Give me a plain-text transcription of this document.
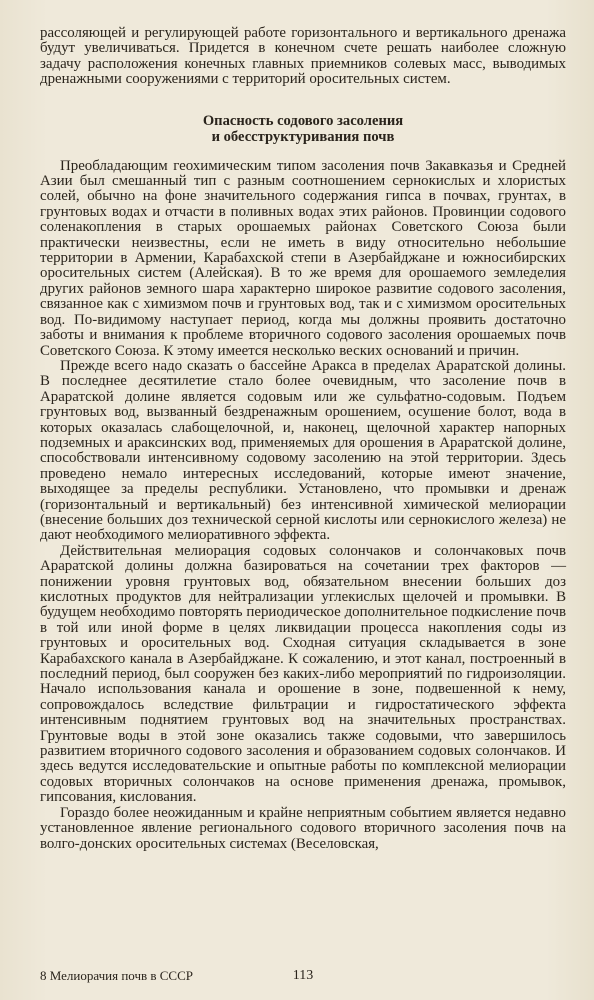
рассоляющей и регулирующей работе горизонтального и вертикального дренажа будут увеличиваться. Придется в конечном счете решать наиболее сложную задачу расположения конечных главных приемников солевых масс, выводимых дренажными сооружениями с территорий оросительных систем.

Опасность содового засоления
и обесструктуривания почв

Преобладающим геохимическим типом засоления почв Закавказья и Средней Азии был смешанный тип с разным соотношением сернокислых и хлористых солей, обычно на фоне значительного содержания гипса в почвах, грунтах, в грунтовых водах и отчасти в поливных водах этих районов. Провинции содового соленакопления в старых орошаемых районах Советского Союза были практически неизвестны, если не иметь в виду относительно небольшие территории в Армении, Карабахской степи в Азербайджане и южносибирских оросительных систем (Алейская). В то же время для орошаемого земледелия других районов земного шара характерно широкое развитие содового засоления, связанное как с химизмом почв и грунтовых вод, так и с химизмом оросительных вод. По-видимому наступает период, когда мы должны проявить достаточно заботы и внимания к проблеме вторичного содового засоления орошаемых почв Советского Союза. К этому имеется несколько веских оснований и причин.

Прежде всего надо сказать о бассейне Аракса в пределах Араратской долины. В последнее десятилетие стало более очевидным, что засоление почв в Араратской долине является содовым или же сульфатно-содовым. Подъем грунтовых вод, вызванный бездренажным орошением, осушение болот, вода в которых оказалась слабощелочной, и, наконец, щелочной характер напорных подземных и араксинских вод, применяемых для орошения в Араратской долине, способствовали интенсивному содовому засолению на этой территории. Здесь проведено немало интересных исследований, которые имеют значение, выходящее за пределы республики. Установлено, что промывки и дренаж (горизонтальный и вертикальный) без интенсивной химической мелиорации (внесение больших доз технической серной кислоты или сернокислого железа) не дают необходимого мелиоративного эффекта.

Действительная мелиорация содовых солончаков и солончаковых почв Араратской долины должна базироваться на сочетании трех факторов — понижении уровня грунтовых вод, обязательном внесении больших доз кислотных продуктов для нейтрализации углекислых щелочей и промывки. В будущем необходимо повторять периодическое дополнительное подкисление почв в той или иной форме в целях ликвидации процесса накопления соды из грунтовых и оросительных вод. Сходная ситуация складывается в зоне Карабахского канала в Азербайджане. К сожалению, и этот канал, построенный в последний период, был сооружен без каких-либо мероприятий по гидроизоляции. Начало использования канала и орошение в зоне, подвешенной к нему, сопровождалось вследствие фильтрации и гидростатического эффекта интенсивным поднятием грунтовых вод на значительных пространствах. Грунтовые воды в этой зоне оказались также содовыми, что завершилось развитием вторичного содового засоления и образованием содовых солончаков. И здесь ведутся исследовательские и опытные работы по комплексной мелиорации содовых вторичных солончаков на основе применения дренажа, промывок, гипсования, кислования.

Гораздо более неожиданным и крайне неприятным событием является недавно установленное явление регионального содового вторичного засоления почв на волго-донских оросительных системах (Веселовская,

8 Мелиорачия почв в СССР	113
